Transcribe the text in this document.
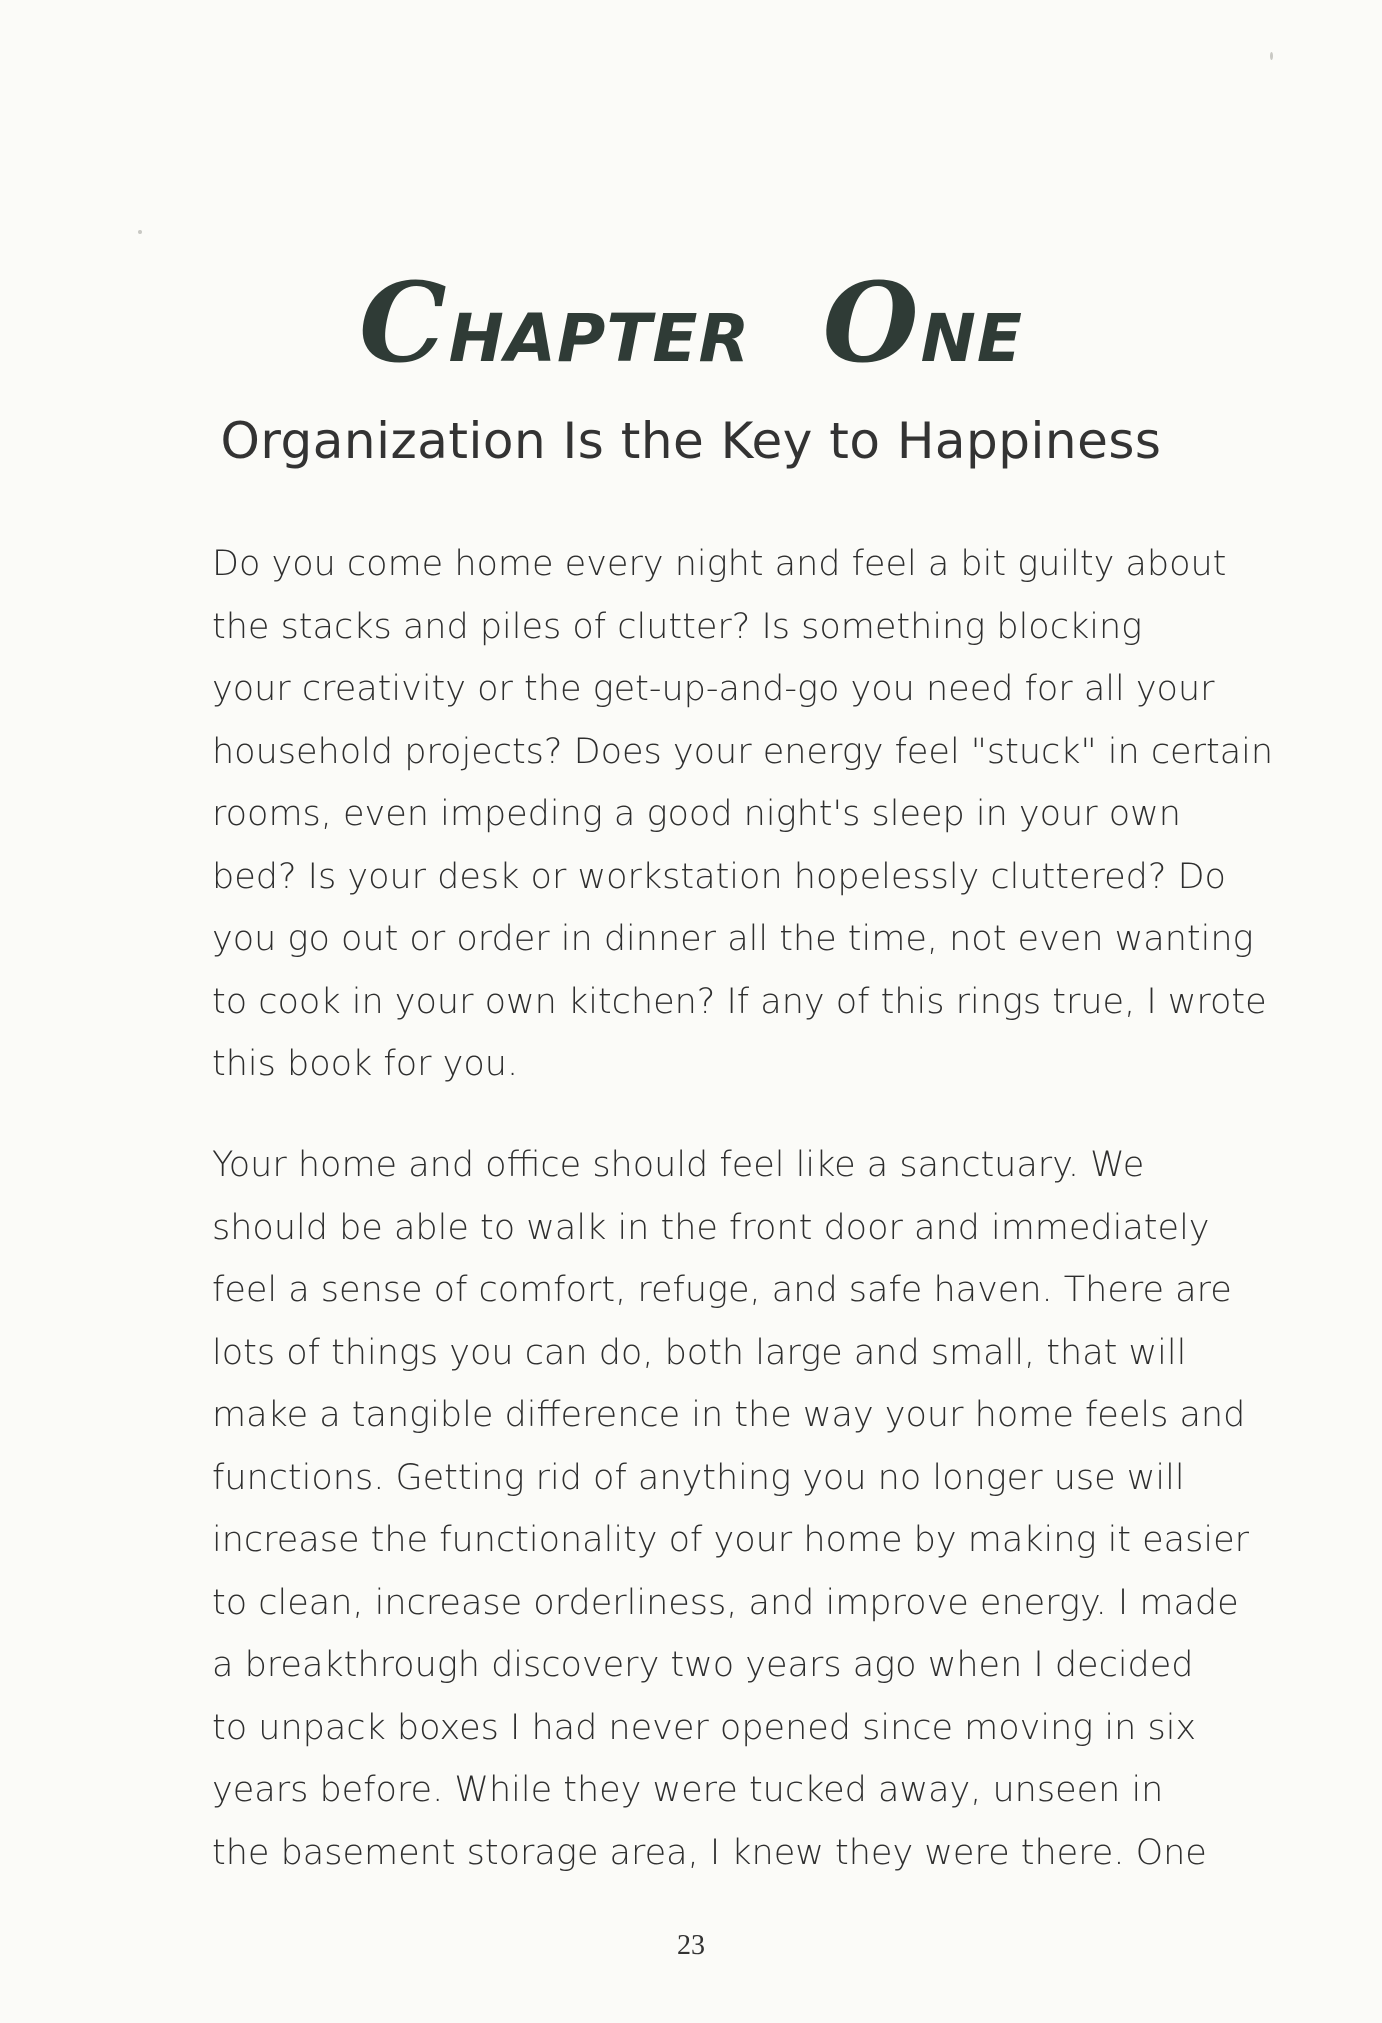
CHAPTER ONE
Organization Is the Key to Happiness
Do you come home every night and feel a bit guilty about
the stacks and piles of clutter? Is something blocking
your creativity or the get-up-and-go you need for all your
household projects? Does your energy feel "stuck" in certain
rooms, even impeding a good night's sleep in your own
bed? Is your desk or workstation hopelessly cluttered? Do
you go out or order in dinner all the time, not even wanting
to cook in your own kitchen? If any of this rings true, I wrote
this book for you.
Your home and office should feel like a sanctuary. We
should be able to walk in the front door and immediately
feel a sense of comfort, refuge, and safe haven. There are
lots of things you can do, both large and small, that will
make a tangible difference in the way your home feels and
functions. Getting rid of anything you no longer use will
increase the functionality of your home by making it easier
to clean, increase orderliness, and improve energy. I made
a breakthrough discovery two years ago when I decided
to unpack boxes I had never opened since moving in six
years before. While they were tucked away, unseen in
the basement storage area, I knew they were there. One
23
